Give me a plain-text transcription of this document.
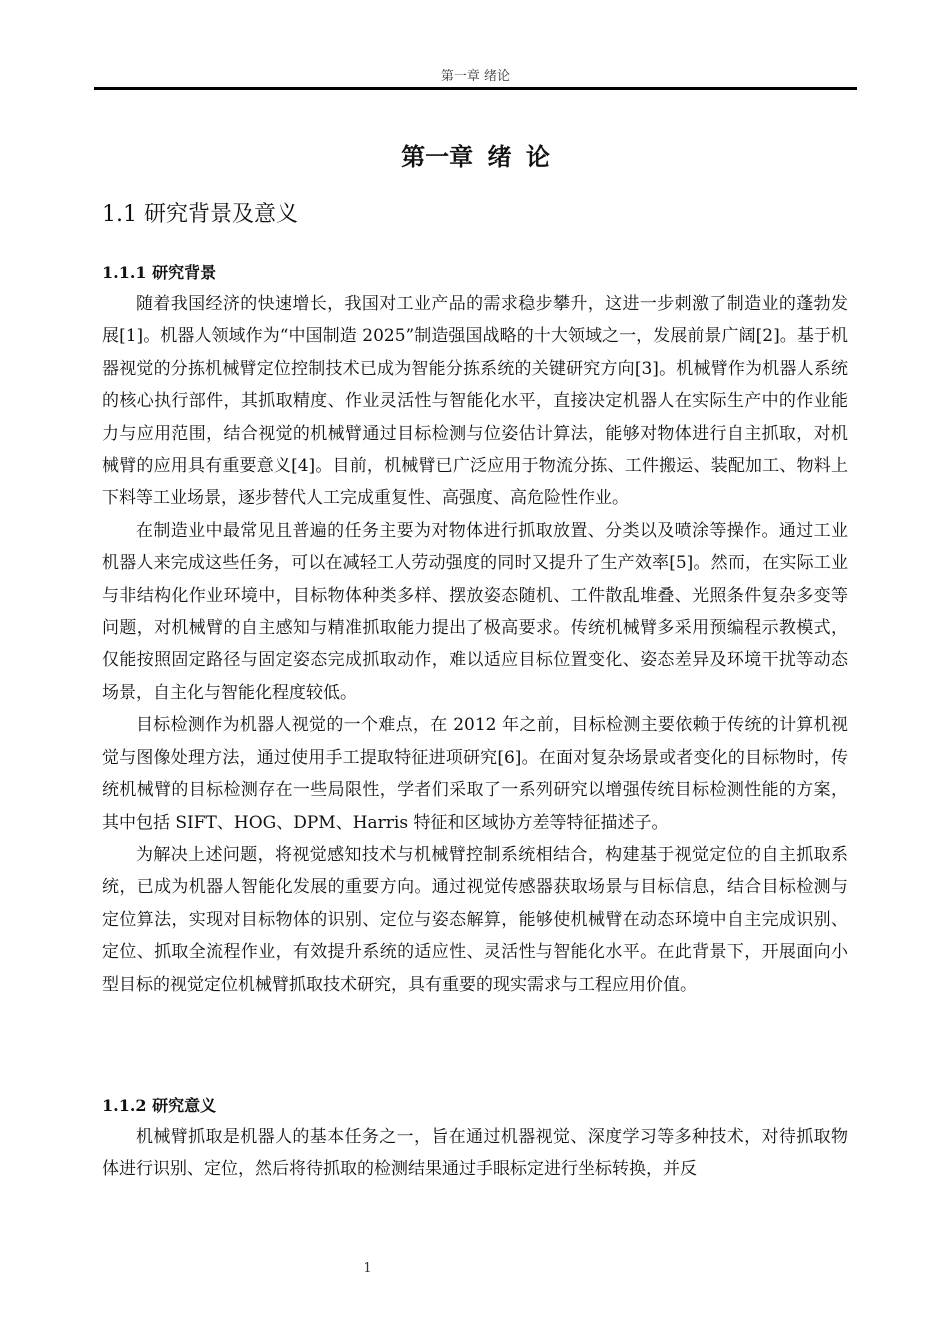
第一章 绪论
第一章 绪 论
1.1 研究背景及意义
1.1.1 研究背景

随着我国经济的快速增长，我国对工业产品的需求稳步攀升，这进一步刺激了制造业的蓬勃发展[1]。机器人领域作为“中国制造 2025”制造强国战略的十大领域之一，发展前景广阔[2]。基于机器视觉的分拣机械臂定位控制技术已成为智能分拣系统的关键研究方向[3]。机械臂作为机器人系统的核心执行部件，其抓取精度、作业灵活性与智能化水平，直接决定机器人在实际生产中的作业能力与应用范围，结合视觉的机械臂通过目标检测与位姿估计算法，能够对物体进行自主抓取，对机械臂的应用具有重要意义[4]。目前，机械臂已广泛应用于物流分拣、工件搬运、装配加工、物料上下料等工业场景，逐步替代人工完成重复性、高强度、高危险性作业。

在制造业中最常见且普遍的任务主要为对物体进行抓取放置、分类以及喷涂等操作。通过工业机器人来完成这些任务，可以在减轻工人劳动强度的同时又提升了生产效率[5]。然而，在实际工业与非结构化作业环境中，目标物体种类多样、摆放姿态随机、工件散乱堆叠、光照条件复杂多变等问题，对机械臂的自主感知与精准抓取能力提出了极高要求。传统机械臂多采用预编程示教模式，仅能按照固定路径与固定姿态完成抓取动作，难以适应目标位置变化、姿态差异及环境干扰等动态场景，自主化与智能化程度较低。

目标检测作为机器人视觉的一个难点，在 2012 年之前，目标检测主要依赖于传统的计算机视觉与图像处理方法，通过使用手工提取特征进项研究[6]。在面对复杂场景或者变化的目标物时，传统机械臂的目标检测存在一些局限性，学者们采取了一系列研究以增强传统目标检测性能的方案，其中包括 SIFT、HOG、DPM、Harris 特征和区域协方差等特征描述子。

为解决上述问题，将视觉感知技术与机械臂控制系统相结合，构建基于视觉定位的自主抓取系统，已成为机器人智能化发展的重要方向。通过视觉传感器获取场景与目标信息，结合目标检测与定位算法，实现对目标物体的识别、定位与姿态解算，能够使机械臂在动态环境中自主完成识别、定位、抓取全流程作业，有效提升系统的适应性、灵活性与智能化水平。在此背景下，开展面向小型目标的视觉定位机械臂抓取技术研究，具有重要的现实需求与工程应用价值。

1.1.2 研究意义

机械臂抓取是机器人的基本任务之一，旨在通过机器视觉、深度学习等多种技术，对待抓取物体进行识别、定位，然后将待抓取的检测结果通过手眼标定进行坐标转换，并反

1
